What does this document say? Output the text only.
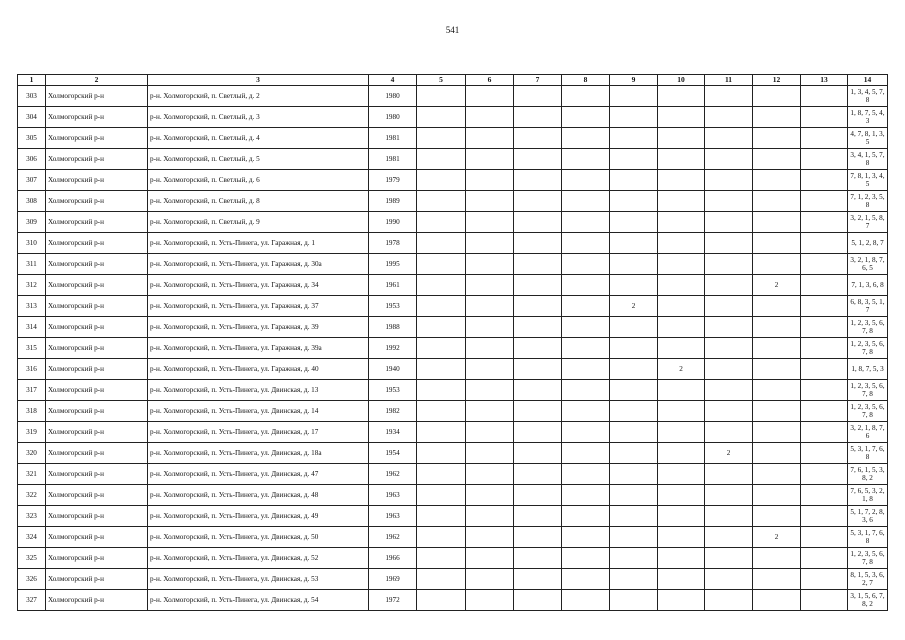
541
1	2	3	4	5	6	7	8	9	10	11	12	13	14
303	Холмогорский р-н	р-н. Холмогорский, п. Светлый, д. 2	1980										1, 3, 4, 5, 7, 8
304	Холмогорский р-н	р-н. Холмогорский, п. Светлый, д. 3	1980										1, 8, 7, 5, 4, 3
305	Холмогорский р-н	р-н. Холмогорский, п. Светлый, д. 4	1981										4, 7, 8, 1, 3, 5
306	Холмогорский р-н	р-н. Холмогорский, п. Светлый, д. 5	1981										3, 4, 1, 5, 7, 8
307	Холмогорский р-н	р-н. Холмогорский, п. Светлый, д. 6	1979										7, 8, 1, 3, 4, 5
308	Холмогорский р-н	р-н. Холмогорский, п. Светлый, д. 8	1989										7, 1, 2, 3, 5, 8
309	Холмогорский р-н	р-н. Холмогорский, п. Светлый, д. 9	1990										3, 2, 1, 5, 8, 7
310	Холмогорский р-н	р-н. Холмогорский, п. Усть-Пинега, ул. Гаражная, д. 1	1978										5, 1, 2, 8, 7
311	Холмогорский р-н	р-н. Холмогорский, п. Усть-Пинега, ул. Гаражная, д. 30а	1995										3, 2, 1, 8, 7, 6, 5
312	Холмогорский р-н	р-н. Холмогорский, п. Усть-Пинега, ул. Гаражная, д. 34	1961								2		7, 1, 3, 6, 8
313	Холмогорский р-н	р-н. Холмогорский, п. Усть-Пинега, ул. Гаражная, д. 37	1953					2					6, 8, 3, 5, 1, 7
314	Холмогорский р-н	р-н. Холмогорский, п. Усть-Пинега, ул. Гаражная, д. 39	1988										1, 2, 3, 5, 6, 7, 8
315	Холмогорский р-н	р-н. Холмогорский, п. Усть-Пинега, ул. Гаражная, д. 39а	1992										1, 2, 3, 5, 6, 7, 8
316	Холмогорский р-н	р-н. Холмогорский, п. Усть-Пинега, ул. Гаражная, д. 40	1940						2				1, 8, 7, 5, 3
317	Холмогорский р-н	р-н. Холмогорский, п. Усть-Пинега, ул. Двинская, д. 13	1953										1, 2, 3, 5, 6, 7, 8
318	Холмогорский р-н	р-н. Холмогорский, п. Усть-Пинега, ул. Двинская, д. 14	1982										1, 2, 3, 5, 6, 7, 8
319	Холмогорский р-н	р-н. Холмогорский, п. Усть-Пинега, ул. Двинская, д. 17	1934										3, 2, 1, 8, 7, 6
320	Холмогорский р-н	р-н. Холмогорский, п. Усть-Пинега, ул. Двинская, д. 18а	1954							2			5, 3, 1, 7, 6, 8
321	Холмогорский р-н	р-н. Холмогорский, п. Усть-Пинега, ул. Двинская, д. 47	1962										7, 6, 1, 5, 3, 8, 2
322	Холмогорский р-н	р-н. Холмогорский, п. Усть-Пинега, ул. Двинская, д. 48	1963										7, 6, 5, 3, 2, 1, 8
323	Холмогорский р-н	р-н. Холмогорский, п. Усть-Пинега, ул. Двинская, д. 49	1963										5, 1, 7, 2, 8, 3, 6
324	Холмогорский р-н	р-н. Холмогорский, п. Усть-Пинега, ул. Двинская, д. 50	1962								2		5, 3, 1, 7, 6, 8
325	Холмогорский р-н	р-н. Холмогорский, п. Усть-Пинега, ул. Двинская, д. 52	1966										1, 2, 3, 5, 6, 7, 8
326	Холмогорский р-н	р-н. Холмогорский, п. Усть-Пинега, ул. Двинская, д. 53	1969										8, 1, 5, 3, 6, 2, 7
327	Холмогорский р-н	р-н. Холмогорский, п. Усть-Пинега, ул. Двинская, д. 54	1972										3, 1, 5, 6, 7, 8, 2
